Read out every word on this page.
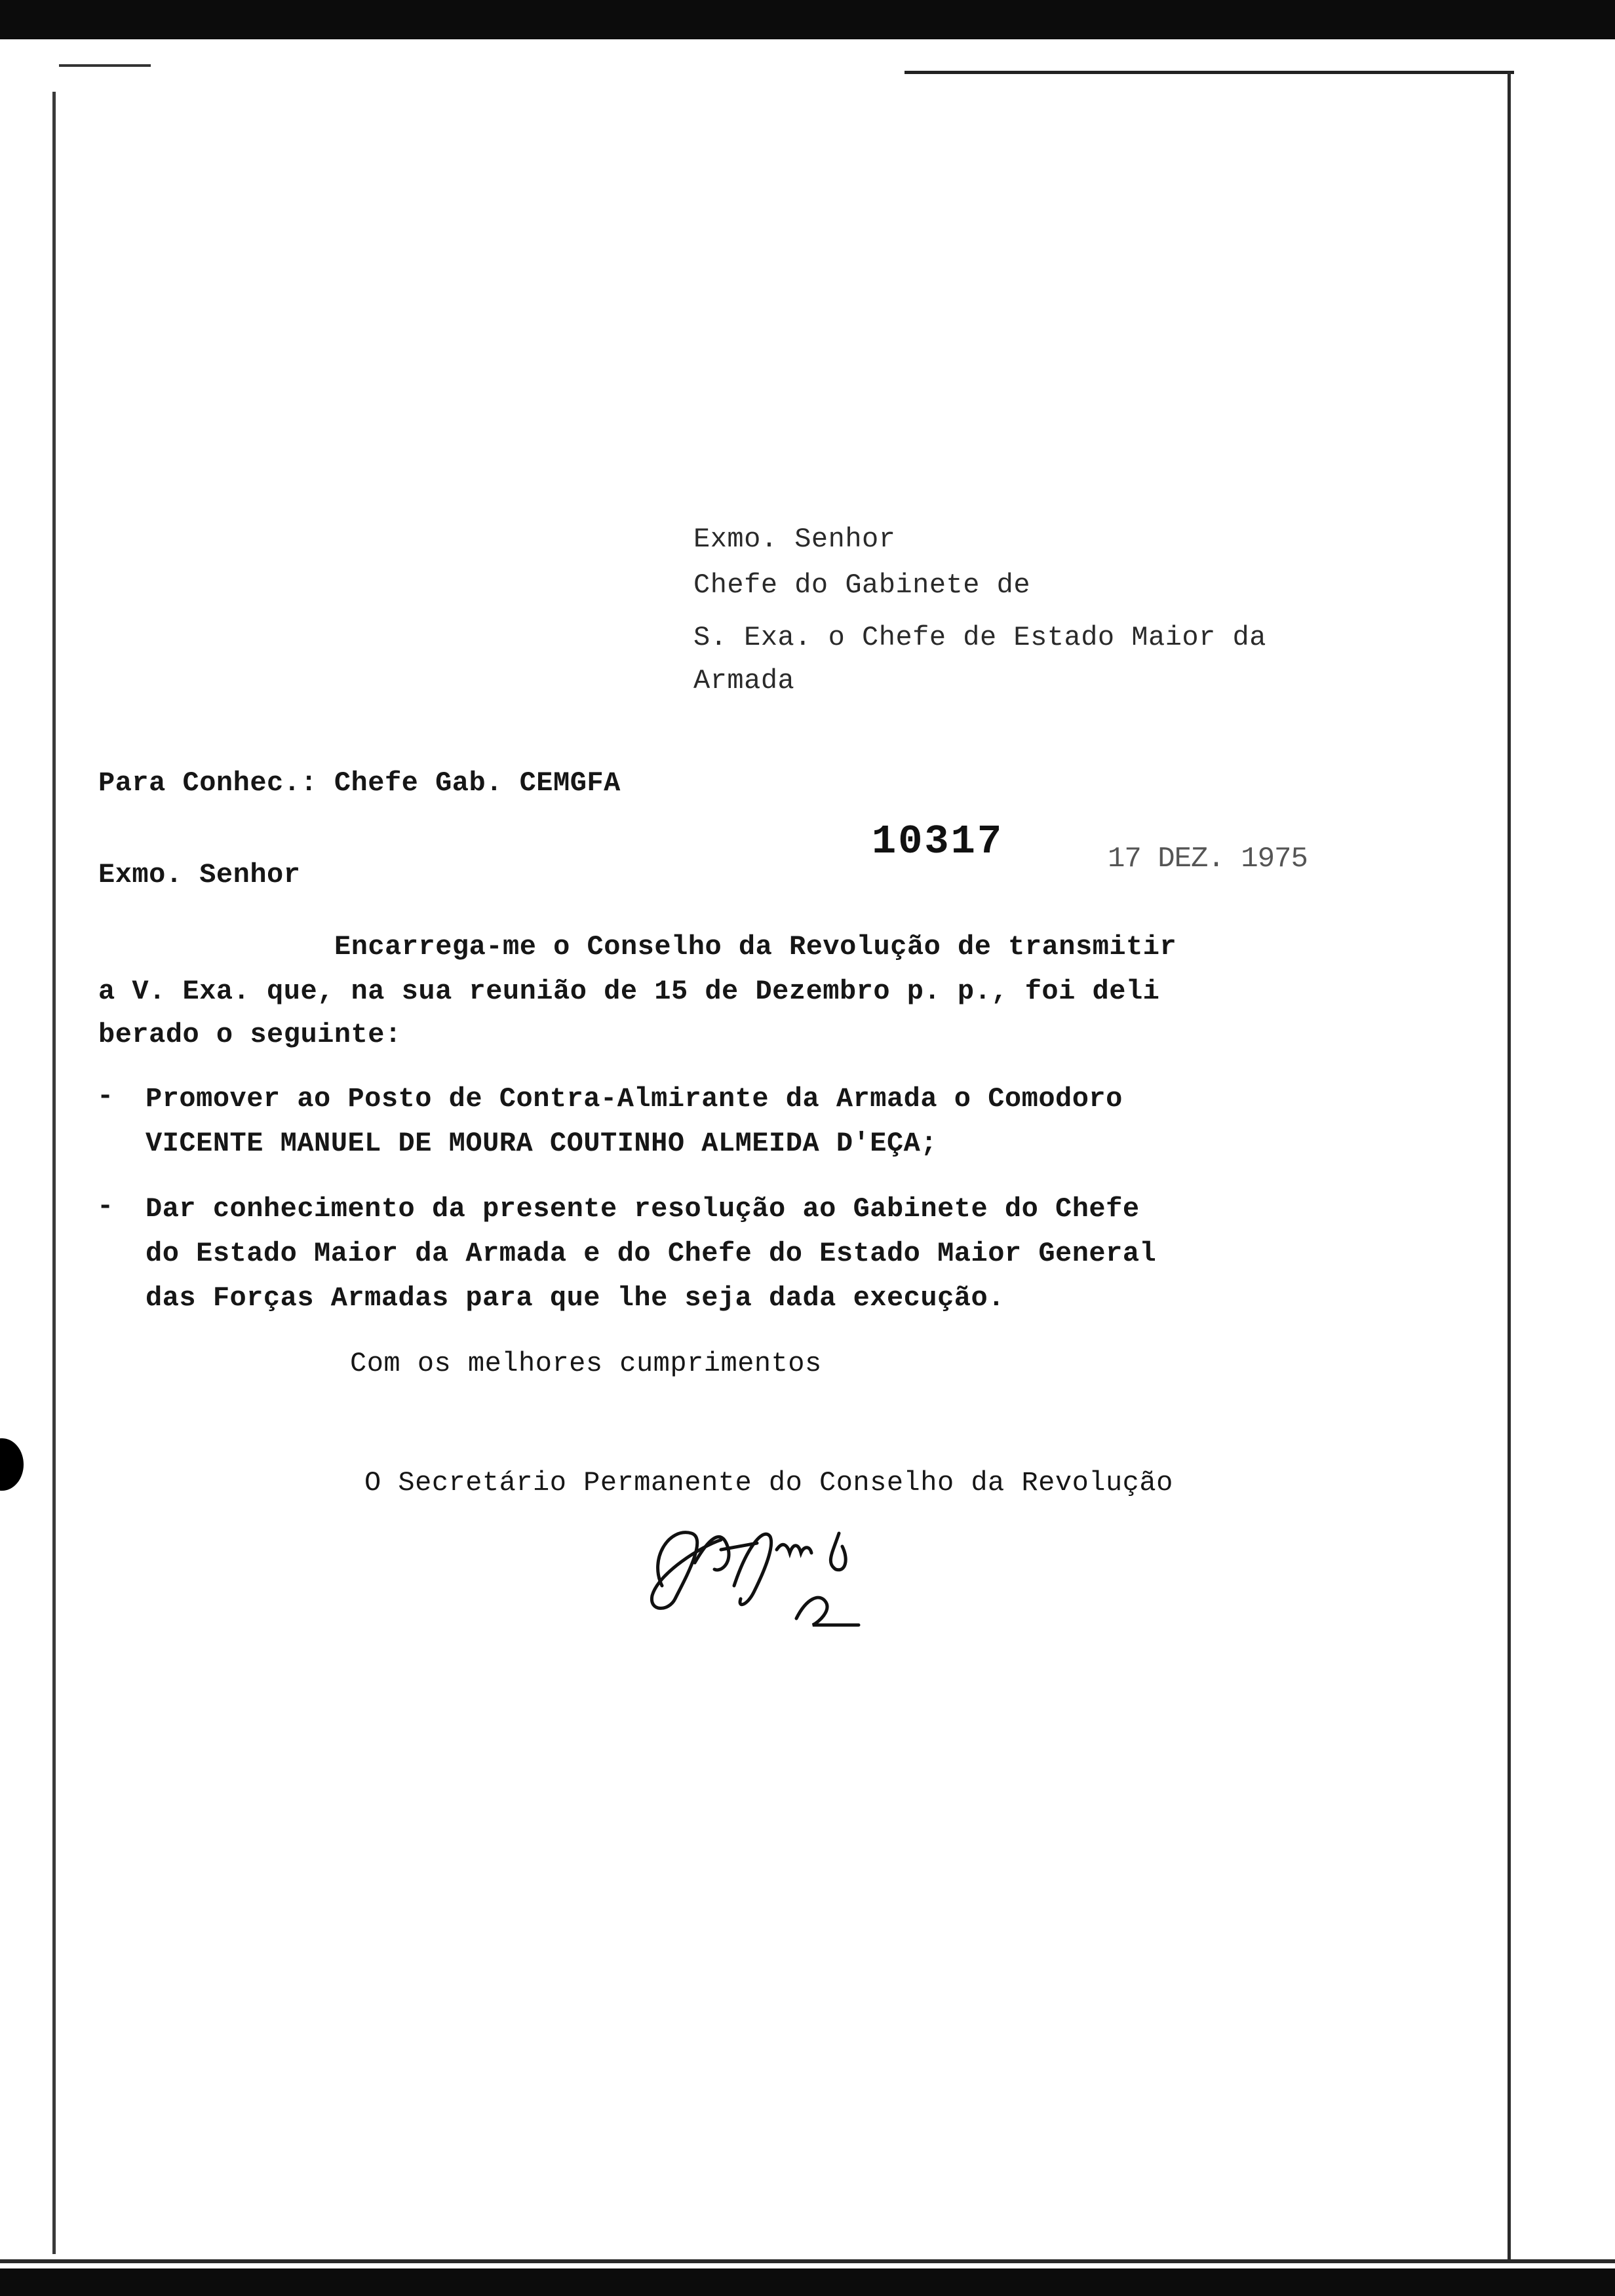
Exmo. Senhor

Chefe do Gabinete de

S. Exa. o Chefe de Estado Maior da

Armada

Para Conhec.: Chefe Gab. CEMGFA

10317	17 DEZ. 1975

Exmo. Senhor

Encarrega-me o Conselho da Revolução de transmitir

a V. Exa. que, na sua reunião de 15 de Dezembro p. p., foi deli

berado o seguinte:

- Promover ao Posto de Contra-Almirante da Armada o Comodoro

VICENTE MANUEL DE MOURA COUTINHO ALMEIDA D'EÇA;

- Dar conhecimento da presente resolução ao Gabinete do Chefe

do Estado Maior da Armada e do Chefe do Estado Maior General

das Forças Armadas para que lhe seja dada execução.

Com os melhores cumprimentos

O Secretário Permanente do Conselho da Revolução
